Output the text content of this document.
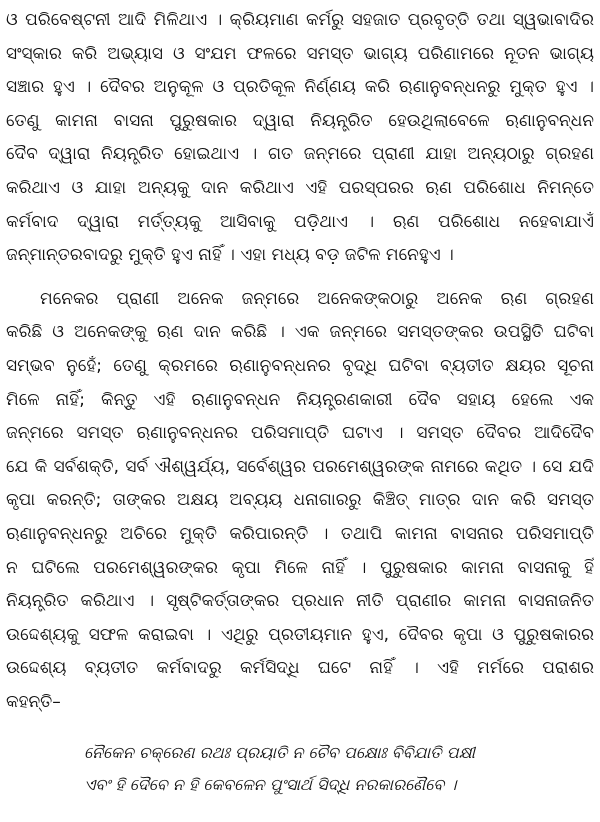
ଓ ପରିବେଷ୍ଟନୀ ଆଦି ମିଳିଥାଏ । କ୍ରିୟମାଣ କର୍ମରୁ ସହଜାତ ପ୍ରବୃତ୍ତି ତଥା ସ୍ୱଭାବାଦିର
ସଂସ୍କାର କରି ଅଭ୍ୟାସ ଓ ସଂଯମ ଫଳରେ ସମସ୍ତ ଭାଗ୍ୟ ପରିଣାମରେ ନୂତନ ଭାଗ୍ୟ
ସଞ୍ଚାର ହୁଏ । ଦୈବର ଅନୁକୂଳ ଓ ପ୍ରତିକୂଳ ନିର୍ଣ୍ଣୟ କରି ଋଣାନୁବନ୍ଧନରୁ ମୁକ୍ତ ହୁଏ ।
ତେଣୁ କାମନା ବାସନା ପୁରୁଷକାର ଦ୍ୱାରା ନିୟନ୍ତ୍ରିତ ହେଉଥିଲାବେଳେ ଋଣାନୁବନ୍ଧନ
ଦୈବ ଦ୍ୱାରା ନିୟନ୍ତ୍ରିତ ହୋଇଥାଏ । ଗତ ଜନ୍ମରେ ପ୍ରାଣୀ ଯାହା ଅନ୍ୟଠାରୁ ଗ୍ରହଣ
କରିଥାଏ ଓ ଯାହା ଅନ୍ୟକୁ ଦାନ କରିଥାଏ ଏହି ପରସ୍ପରର ଋଣ ପରିଶୋଧ ନିମନ୍ତେ
କର୍ମବାଦ ଦ୍ୱାରା ମର୍ତ୍ତ୍ୟକୁ ଆସିବାକୁ ପଡ଼ିଥାଏ । ଋଣ ପରିଶୋଧ ନହେବାଯାଏଁ
ଜନ୍ମାନ୍ତରବାଦରୁ ମୁକ୍ତି ହୁଏ ନାହିଁ । ଏହା ମଧ୍ୟ ବଡ଼ ଜଟିଳ ମନେହୁଏ ।
ମନେକର ପ୍ରାଣୀ ଅନେକ ଜନ୍ମରେ ଅନେକଙ୍କଠାରୁ ଅନେକ ଋଣ ଗ୍ରହଣ
କରିଛି ଓ ଅନେକଙ୍କୁ ଋଣ ଦାନ କରିଛି । ଏକ ଜନ୍ମରେ ସମସ୍ତଙ୍କର ଉପସ୍ଥିତି ଘଟିବା
ସମ୍ଭବ ନୁହେଁ; ତେଣୁ କ୍ରମରେ ଋଣାନୁବନ୍ଧନର ବୃଦ୍ଧି ଘଟିବା ବ୍ୟତୀତ କ୍ଷୟର ସୂଚନା
ମିଳେ ନାହିଁ; କିନ୍ତୁ ଏହି ଋଣାନୁବନ୍ଧନ ନିୟନ୍ତ୍ରଣକାରୀ ଦୈବ ସହାୟ ହେଲେ ଏକ
ଜନ୍ମରେ ସମସ୍ତ ଋଣାନୁବନ୍ଧନର ପରିସମାପ୍ତି ଘଟାଏ । ସମସ୍ତ ଦୈବର ଆଦିଦୈବ
ଯେ କି ସର୍ବଶକ୍ତି, ସର୍ବ ଐଶ୍ୱର୍ଯ୍ୟ, ସର୍ବେଶ୍ୱର ପରମେଶ୍ୱରଙ୍କ ନାମରେ କଥିତ । ସେ ଯଦି
କୃପା କରନ୍ତି; ତାଙ୍କର ଅକ୍ଷୟ ଅବ୍ୟୟ ଧନାଗାରରୁ କିଞ୍ଚିତ୍ ମାତ୍ର ଦାନ କରି ସମସ୍ତ
ଋଣାନୁବନ୍ଧନରୁ ଅଚିରେ ମୁକ୍ତି କରିପାରନ୍ତି । ତଥାପି କାମନା ବାସନାର ପରିସମାପ୍ତି
ନ ଘଟିଲେ ପରମେଶ୍ୱରଙ୍କର କୃପା ମିଳେ ନାହିଁ । ପୁରୁଷକାର କାମନା ବାସନାକୁ ହିଁ
ନିୟନ୍ତ୍ରିତ କରିଥାଏ । ସୃଷ୍ଟିକର୍ତ୍ତାଙ୍କର ପ୍ରଧାନ ନୀତି ପ୍ରାଣୀର କାମନା ବାସନାଜନିତ
ଉଦ୍ଦେଶ୍ୟକୁ ସଫଳ କରାଇବା । ଏଥିରୁ ପ୍ରତୀୟମାନ ହୁଏ, ଦୈବର କୃପା ଓ ପୁରୁଷକାରର
ଉଦ୍ଦେଶ୍ୟ ବ୍ୟତୀତ କର୍ମବାଦରୁ କର୍ମସିଦ୍ଧି ଘଟେ ନାହିଁ । ଏହି ମର୍ମରେ ପରାଶର
କହନ୍ତି–
ନୈକେନ ଚକ୍ରେଣ ରଥଃ ପ୍ରୟାତି ନ ଚୈବ ପକ୍ଷୋଃ ବିବିଯାତି ପକ୍ଷୀ
ଏବଂ ହି ଦୈବେ ନ ହି କେବଳେନ ପୁଂସାର୍ଥ ସିଦ୍ଧି ନରକାରଣୈବେ ।
